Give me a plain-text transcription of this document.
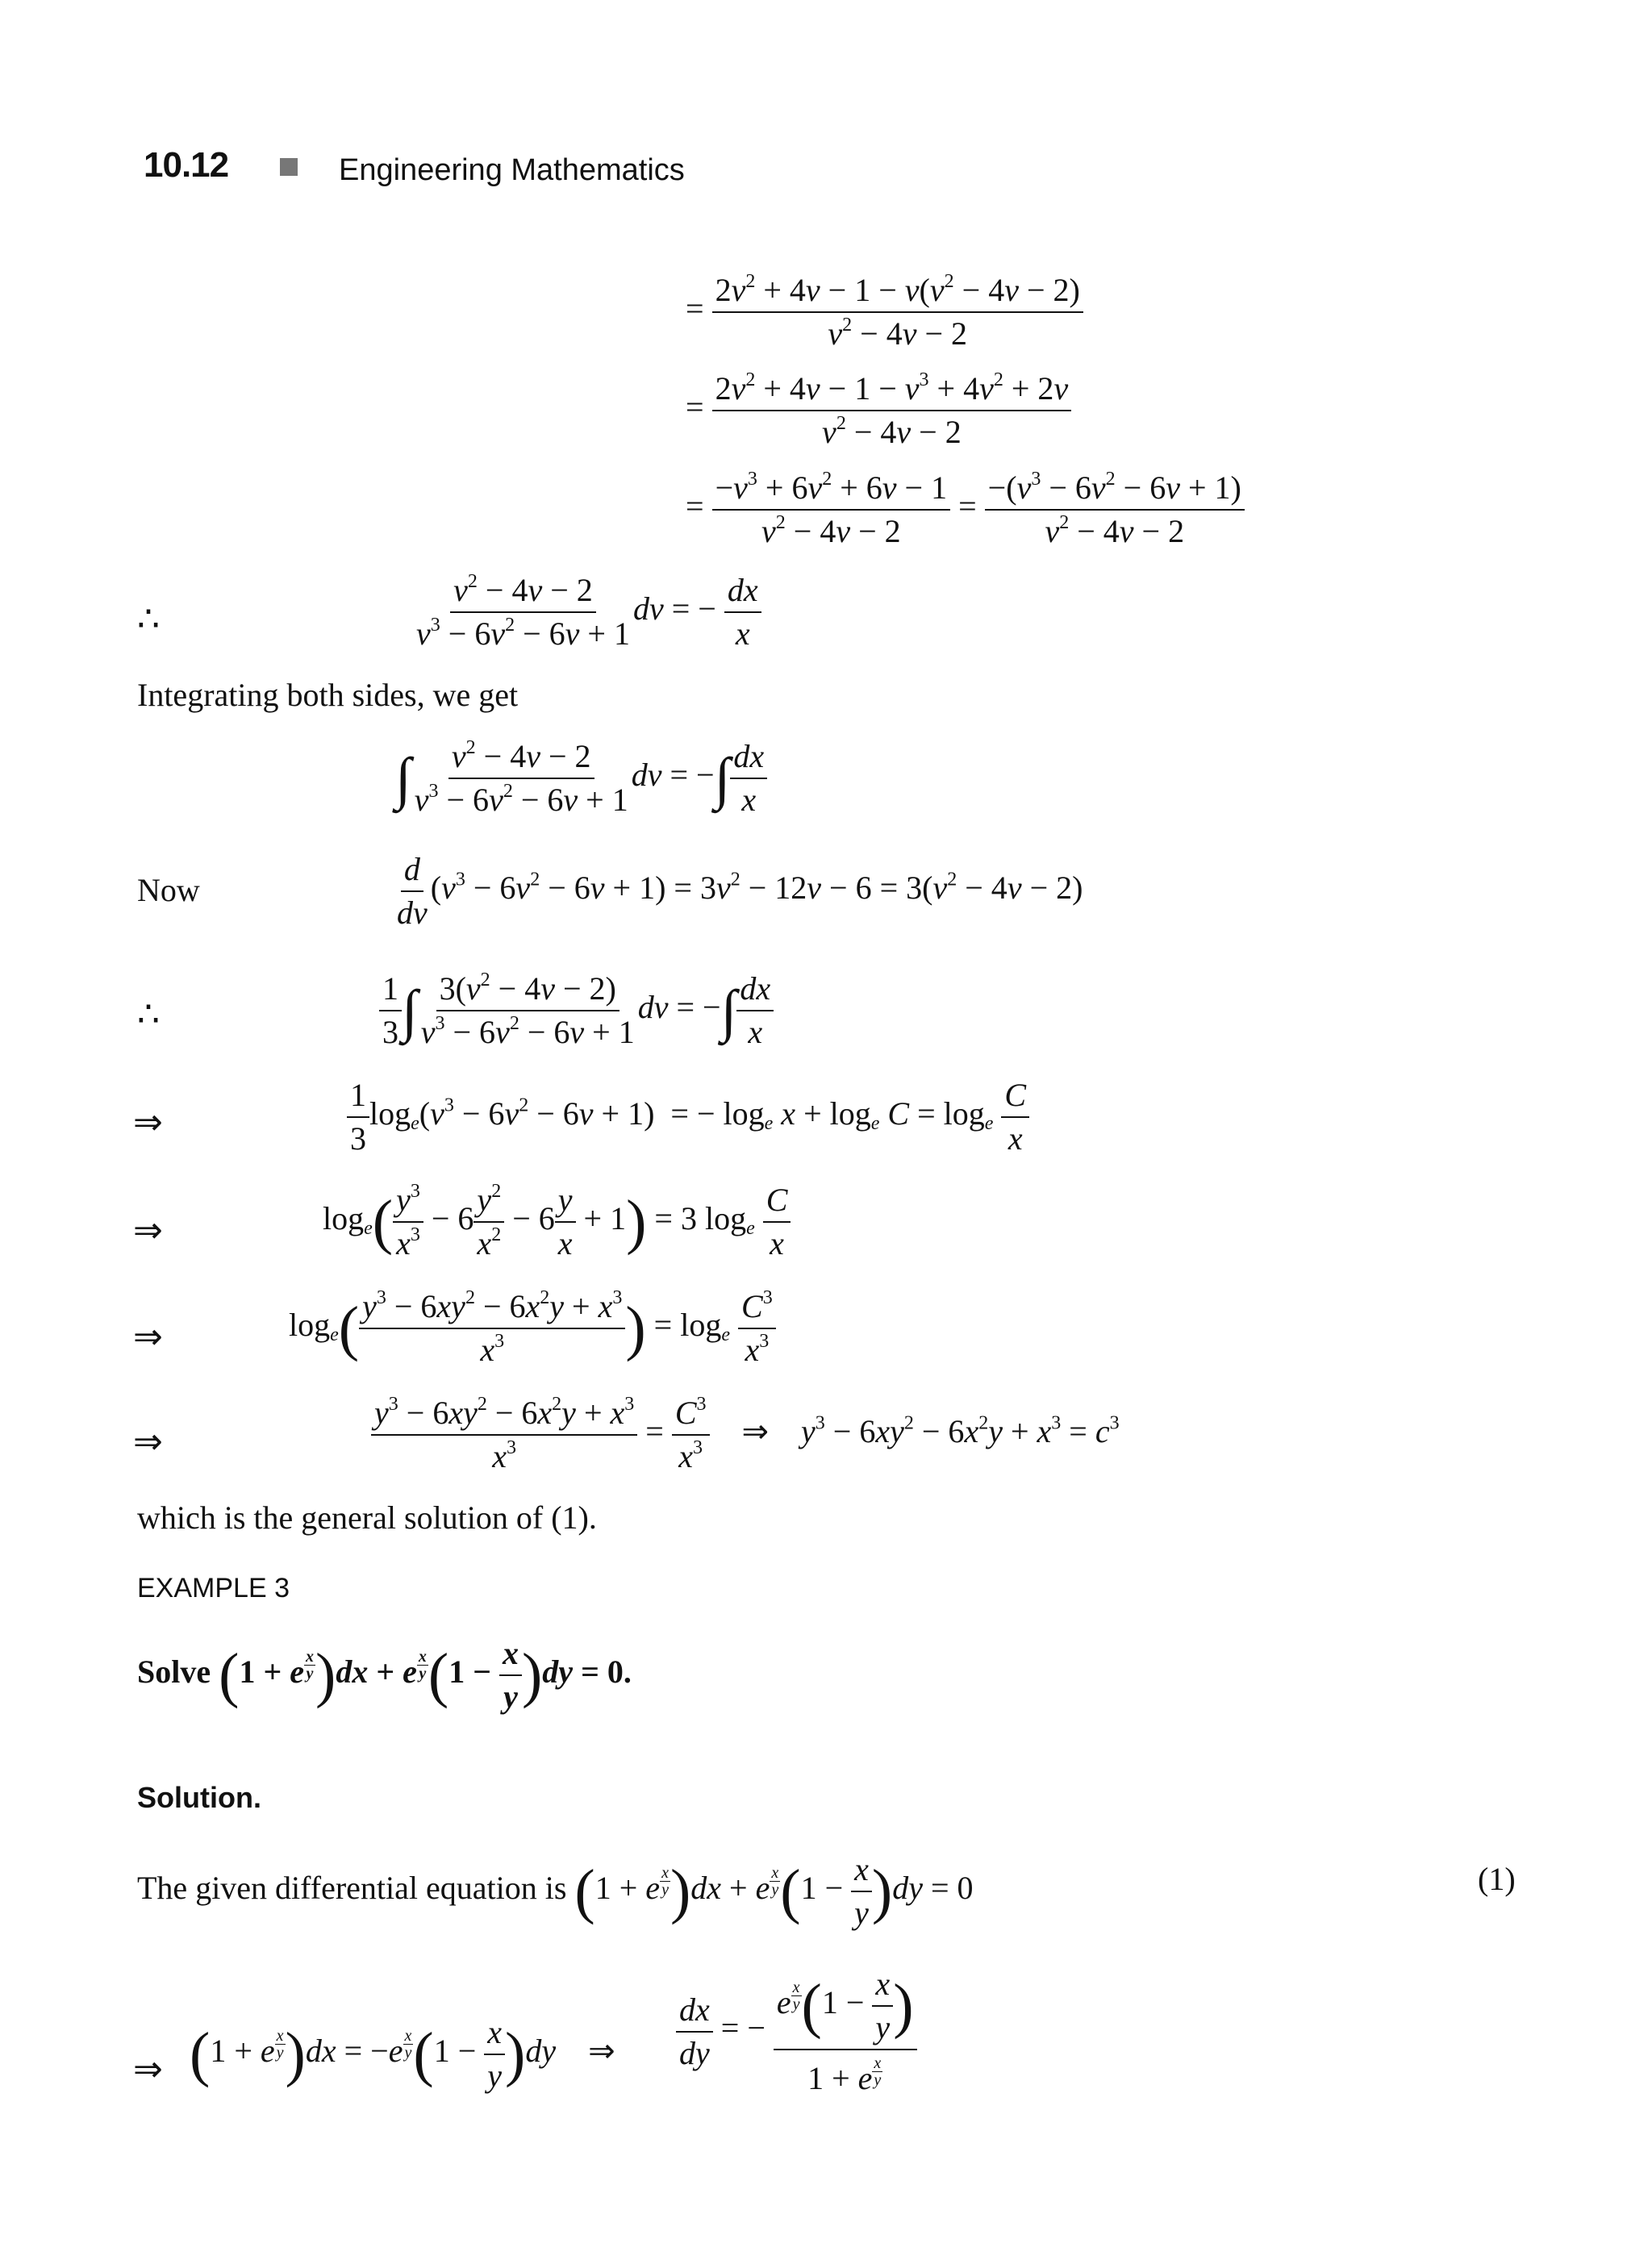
10.12	Engineering Mathematics
= $\frac{2v^2 + 4v - 1 - v(v^2 - 4v - 2)}{v^2 - 4v - 2}$
= $\frac{2v^2 + 4v - 1 - v^3 + 4v^2 + 2v}{v^2 - 4v - 2}$
= $\frac{-v^3 + 6v^2 + 6v - 1}{v^2 - 4v - 2} = \frac{-(v^3 - 6v^2 - 6v + 1)}{v^2 - 4v - 2}$
∴	$\frac{v^2 - 4v - 2}{v^3 - 6v^2 - 6v + 1}$ dv = − $\frac{dx}{x}$
Integrating both sides, we get
∫ $\frac{v^2 - 4v - 2}{v^3 - 6v^2 - 6v + 1}$ dv = −∫ $\frac{dx}{x}$
Now	$\frac{d}{dv} (v^3 - 6v^2 - 6v + 1) = 3v^2 - 12v - 6 = 3(v^2 - 4v - 2)$
∴	$\frac{1}{3}$ ∫ $\frac{3(v^2 - 4v - 2)}{v^3 - 6v^2 - 6v + 1}$ dv = −∫ $\frac{dx}{x}$
⇒	$\frac{1}{3} \log_e(v^3 - 6v^2 - 6v + 1)$  = − $\log_e x + \log_e C = \log_e \frac{C}{x}$
⇒	$\log_e( \frac{y^3}{x^3} - 6 \frac{y^2}{x^2} - 6 \frac{y}{x} + 1) = 3$ $\log_e \frac{C}{x}$
⇒	$\log_e( \frac{y^3 - 6xy^2 - 6x^2y + x^3}{x^3}$ ) = $\log_e \frac{C^3}{x^3}$
⇒	$\frac{y^3 - 6xy^2 - 6x^2y + x^3}{x^3} = \frac{C^3}{x^3}$ ⇒    $y^3 - 6xy^2 - 6x^2y + x^3 = c^3$
which is the general solution of (1).
EXAMPLE 3
Solve (1 + e $\frac{x}{y} )dx + e \frac{x}{y} (1 - \frac{x}{y} )dy = 0$.
Solution.
The given differential equation is (1 + e $\frac{x}{y} )dx + e \frac{x}{y} (1 - \frac{x}{y} )dy = 0$	(1)
⇒ (1 + e $\frac{x}{y} )dx = -e \frac{x}{y} (1 - \frac{x}{y} )dy$    ⇒ $\frac{dx}{dy}$ = −
e $\frac{x}{y} (1 - \frac{x}{y}$ )
1 + e $\frac{x}{y}$
